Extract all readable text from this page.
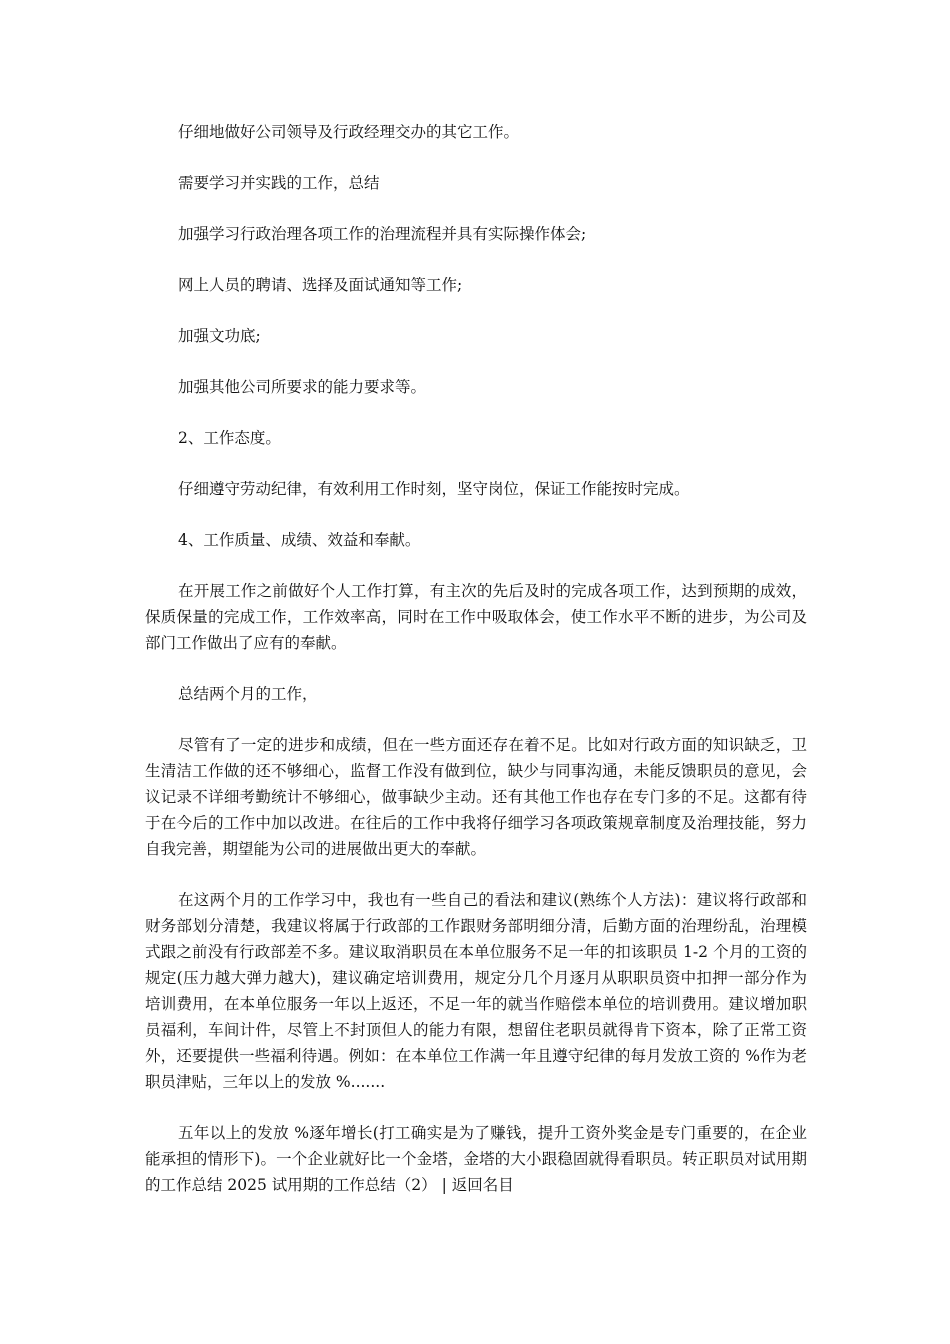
仔细地做好公司领导及行政经理交办的其它工作。

需要学习并实践的工作，总结

加强学习行政治理各项工作的治理流程并具有实际操作体会;

网上人员的聘请、选择及面试通知等工作;

加强文功底;

加强其他公司所要求的能力要求等。

2、工作态度。

仔细遵守劳动纪律，有效利用工作时刻，坚守岗位，保证工作能按时完成。

4、工作质量、成绩、效益和奉献。

在开展工作之前做好个人工作打算，有主次的先后及时的完成各项工作，达到预期的成效，保质保量的完成工作，工作效率高，同时在工作中吸取体会，使工作水平不断的进步，为公司及部门工作做出了应有的奉献。

总结两个月的工作，

尽管有了一定的进步和成绩，但在一些方面还存在着不足。比如对行政方面的知识缺乏，卫生清洁工作做的还不够细心，监督工作没有做到位，缺少与同事沟通，未能反馈职员的意见，会议记录不详细考勤统计不够细心，做事缺少主动。还有其他工作也存在专门多的不足。这都有待于在今后的工作中加以改进。在往后的工作中我将仔细学习各项政策规章制度及治理技能，努力自我完善，期望能为公司的进展做出更大的奉献。

在这两个月的工作学习中，我也有一些自己的看法和建议(熟练个人方法)：建议将行政部和财务部划分清楚，我建议将属于行政部的工作跟财务部明细分清，后勤方面的治理纷乱，治理模式跟之前没有行政部差不多。建议取消职员在本单位服务不足一年的扣该职员 1-2 个月的工资的规定(压力越大弹力越大)，建议确定培训费用，规定分几个月逐月从职职员资中扣押一部分作为培训费用，在本单位服务一年以上返还，不足一年的就当作赔偿本单位的培训费用。建议增加职员福利，车间计件，尽管上不封顶但人的能力有限，想留住老职员就得肯下资本，除了正常工资外，还要提供一些福利待遇。例如：在本单位工作满一年且遵守纪律的每月发放工资的 %作为老职员津贴，三年以上的发放 %.......

五年以上的发放 %逐年增长(打工确实是为了赚钱，提升工资外奖金是专门重要的，在企业能承担的情形下)。一个企业就好比一个金塔，金塔的大小跟稳固就得看职员。转正职员对试用期的工作总结 2025 试用期的工作总结（2） | 返回名目
